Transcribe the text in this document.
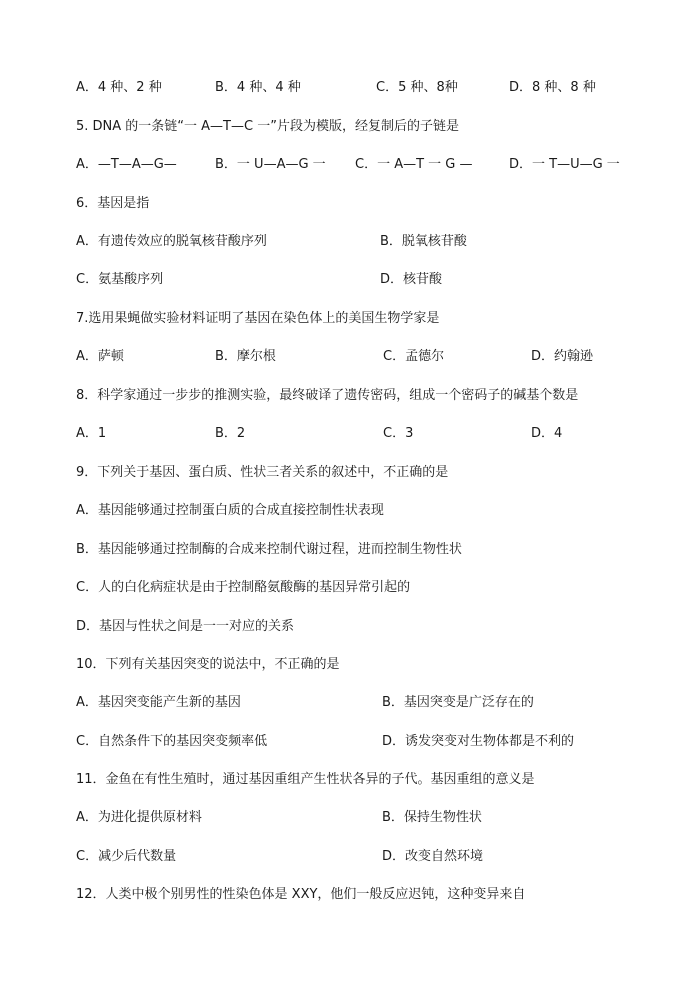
A．4 种、2 种	B．4 种、4 种	C．5 种、8种	D．8 种、8 种
5. DNA 的一条链“一 A—T—C 一”片段为模版，经复制后的子链是
A．—T—A—G—	B．一 U—A—G 一 C．一 A—T 一 G —	D．一 T—U—G 一
6．基因是指
A．有遗传效应的脱氧核苷酸序列	B．脱氧核苷酸
C．氨基酸序列	D．核苷酸
7.选用果蝇做实验材料证明了基因在染色体上的美国生物学家是
A．萨顿	B．摩尔根	C．孟德尔	D．约翰逊
8．科学家通过一步步的推测实验，最终破译了遗传密码，组成一个密码子的碱基个数是
A．1	B．2	C．3	D．4
9．下列关于基因、蛋白质、性状三者关系的叙述中，不正确的是
A．基因能够通过控制蛋白质的合成直接控制性状表现
B．基因能够通过控制酶的合成来控制代谢过程，进而控制生物性状
C．人的白化病症状是由于控制酪氨酸酶的基因异常引起的
D．基因与性状之间是一一对应的关系
10．下列有关基因突变的说法中，不正确的是
A．基因突变能产生新的基因	B．基因突变是广泛存在的
C．自然条件下的基因突变频率低	D．诱发突变对生物体都是不利的
11．金鱼在有性生殖时，通过基因重组产生性状各异的子代。基因重组的意义是
A．为进化提供原材料	B．保持生物性状
C．减少后代数量	D．改变自然环境
12．人类中极个别男性的性染色体是 XXY，他们一般反应迟钝，这种变异来自
